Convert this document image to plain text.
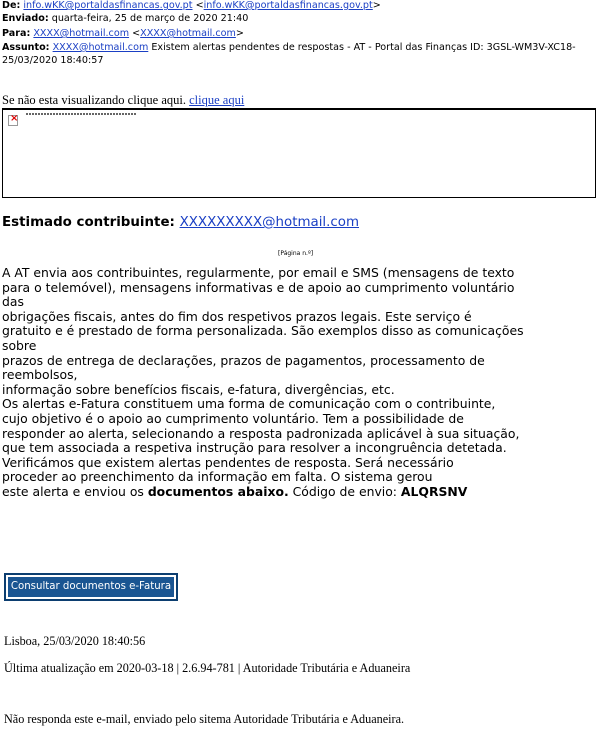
De: info.wKK@portaldasfinancas.gov.pt <info.wKK@portaldasfinancas.gov.pt>
Enviado: quarta-feira, 25 de março de 2020 21:40
Para: XXXX@hotmail.com <XXXX@hotmail.com>
Assunto: XXXX@hotmail.com Existem alertas pendentes de respostas - AT - Portal das Finanças ID: 3GSL-WM3V-XC18-
25/03/2020 18:40:57
Se não esta visualizando clique aqui. clique aqui
×
Estimado contribuinte: XXXXXXXXX@hotmail.com
[Página n.º]

A AT envia aos contribuintes, regularmente, por email e SMS (mensagens de texto

para o telemóvel), mensagens informativas e de apoio ao cumprimento voluntário

das

obrigações fiscais, antes do fim dos respetivos prazos legais. Este serviço é

gratuito e é prestado de forma personalizada. São exemplos disso as comunicações

sobre

prazos de entrega de declarações, prazos de pagamentos, processamento de

reembolsos,

informação sobre benefícios fiscais, e-fatura, divergências, etc.

Os alertas e-Fatura constituem uma forma de comunicação com o contribuinte,

cujo objetivo é o apoio ao cumprimento voluntário. Tem a possibilidade de

responder ao alerta, selecionando a resposta padronizada aplicável à sua situação,

que tem associada a respetiva instrução para resolver a incongruência detetada.

Verificámos que existem alertas pendentes de resposta. Será necessário

proceder ao preenchimento da informação em falta. O sistema gerou

este alerta e enviou os documentos abaixo. Código de envio: ALQRSNV

Consultar documentos e-Fatura
Lisboa, 25/03/2020 18:40:56
Última atualização em 2020-03-18 | 2.6.94-781 | Autoridade Tributária e Aduaneira
Não responda este e-mail, enviado pelo sitema Autoridade Tributária e Aduaneira.
